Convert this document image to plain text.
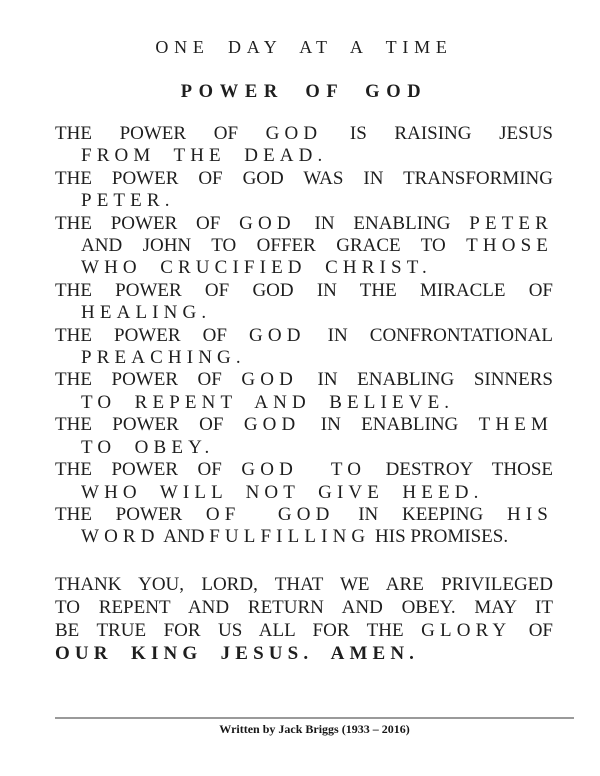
ONE DAY AT A TIME
POWER OF GOD
THE POWER OF GOD IS RAISING JESUS
FROM THE DEAD.
THE POWER OF GOD WAS IN TRANSFORMING
PETER.
THE POWER OF GOD IN ENABLING PETER
AND JOHN TO OFFER GRACE TO THOSE
WHO CRUCIFIED CHRIST.
THE POWER OF GOD IN THE MIRACLE OF
HEALING.
THE POWER OF GOD IN CONFRONTATIONAL
PREACHING.
THE POWER OF GOD IN ENABLING SINNERS
TO REPENT AND BELIEVE.
THE POWER OF GOD IN ENABLING THEM
TO OBEY.
THE POWER OF GOD TO DESTROY THOSE
WHO WILL NOT GIVE HEED.
THE POWER OF GOD IN KEEPING HIS
WORD AND FULFILLING HIS PROMISES.
THANK YOU, LORD, THAT WE ARE PRIVILEGED
TO REPENT AND RETURN AND OBEY. MAY IT
BE TRUE FOR US ALL FOR THE GLORY OF
OUR KING JESUS. AMEN.
Written by Jack Briggs (1933 – 2016)
